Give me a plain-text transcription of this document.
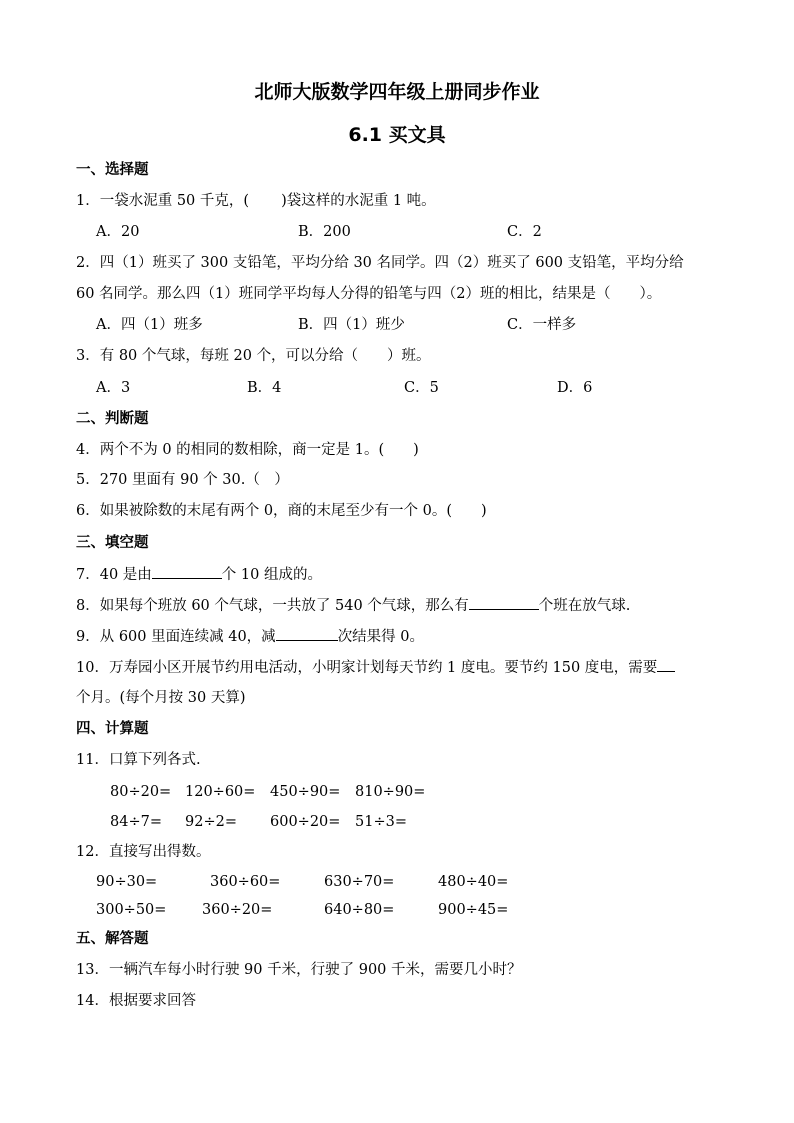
北师大版数学四年级上册同步作业
6.1 买文具
一、选择题
1．一袋水泥重 50 千克，( )袋这样的水泥重 1 吨。
A．20	B．200	C．2
2．四（1）班买了 300 支铅笔，平均分给 30 名同学。四（2）班买了 600 支铅笔，平均分给
60 名同学。那么四（1）班同学平均每人分得的铅笔与四（2）班的相比，结果是（　　）。
A．四（1）班多	B．四（1）班少	C．一样多
3．有 80 个气球，每班 20 个，可以分给（　　）班。
A．3	B．4	C．5	D．6
二、判断题
4．两个不为 0 的相同的数相除，商一定是 1。(　　)
5．270 里面有 90 个 30.（　）
6．如果被除数的末尾有两个 0，商的末尾至少有一个 0。(　　)
三、填空题
7．40 是由	个 10 组成的。
8．如果每个班放 60 个气球，一共放了 540 个气球，那么有	个班在放气球.
9．从 600 里面连续减 40，减	次结果得 0。
10．万寿园小区开展节约用电活动，小明家计划每天节约 1 度电。要节约 150 度电，需要
个月。(每个月按 30 天算)
四、计算题
11．口算下列各式.
80÷20= 120÷60= 450÷90= 810÷90=
84÷7= 92÷2= 600÷20= 51÷3=
12．直接写出得数。
90÷30=	360÷60=	630÷70=	480÷40=
300÷50= 360÷20=	640÷80=	900÷45=
五、解答题
13．一辆汽车每小时行驶 90 千米，行驶了 900 千米，需要几小时？
14．根据要求回答
